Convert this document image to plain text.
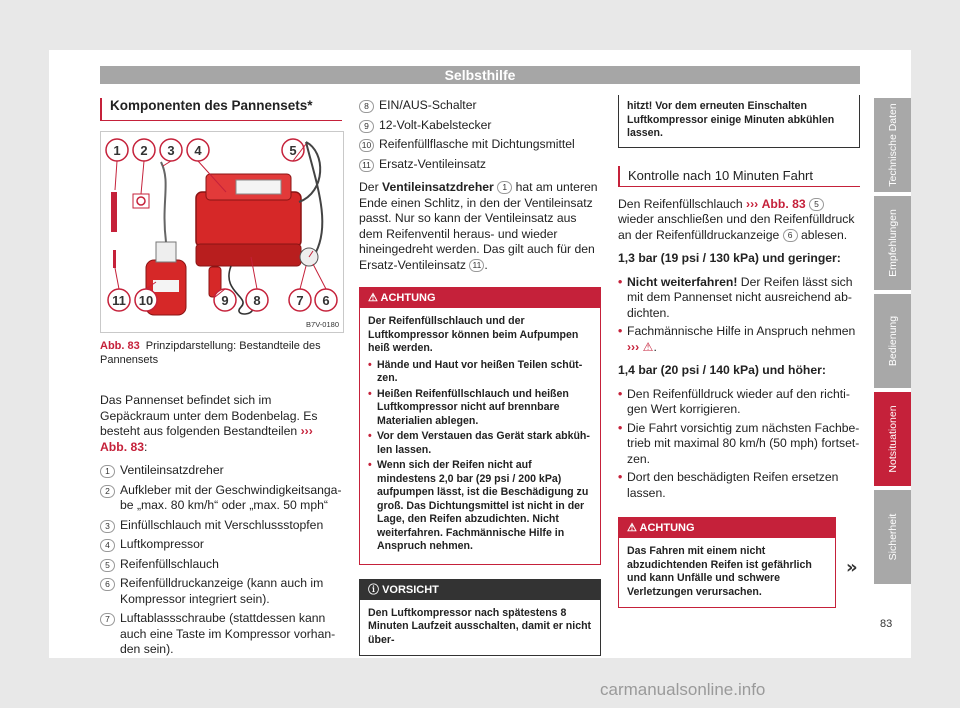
Selbsthilfe
Komponenten des Pannensets*
1 2 3 4	5
11 10	9 8	7 6
B7V-0180
Abb. 83 Prinzipdarstellung: Bestandteile des Pannensets

Das Pannenset befindet sich im Gepäckraum unter dem Bodenbelag. Es besteht aus folgenden Bestandteilen ››› Abb. 83:

1 Ventileinsatzdreher
2 Aufkleber mit der Geschwindigkeitsangabe „max. 80 km/h“ oder „max. 50 mph“
3 Einfüllschlauch mit Verschlussstopfen
4 Luftkompressor
5 Reifenfüllschlauch
6 Reifenfülldruckanzeige (kann auch im Kompressor integriert sein).
7 Luftablassschraube (stattdessen kann auch eine Taste im Kompressor vorhanden sein).
8 EIN/AUS-Schalter
9 12-Volt-Kabelstecker
10 Reifenfüllflasche mit Dichtungsmittel
11 Ersatz-Ventileinsatz

Der Ventileinsatzdreher 1 hat am unteren Ende einen Schlitz, in den der Ventileinsatz passt. Nur so kann der Ventileinsatz aus dem Reifenventil heraus- und wieder hineingedreht werden. Das gilt auch für den Ersatz-Ventileinsatz 11 .

⚠ ACHTUNG
Der Reifenfüllschlauch und der Luftkompressor können beim Aufpumpen heiß werden.
• Hände und Haut vor heißen Teilen schützen.
• Heißen Reifenfüllschlauch und heißen Luftkompressor nicht auf brennbare Materialien ablegen.
• Vor dem Verstauen das Gerät stark abkühlen lassen.
• Wenn sich der Reifen nicht auf mindestens 2,0 bar (29 psi / 200 kPa) aufpumpen lässt, ist die Beschädigung zu groß. Das Dichtungsmittel ist nicht in der Lage, den Reifen abzudichten. Nicht weiterfahren. Fachmännische Hilfe in Anspruch nehmen.
ⓘ VORSICHT
Den Luftkompressor nach spätestens 8 Minuten Laufzeit ausschalten, damit er nicht über-
hitzt! Vor dem erneuten Einschalten Luftkompressor einige Minuten abkühlen lassen.
Kontrolle nach 10 Minuten Fahrt

Den Reifenfüllschlauch ››› Abb. 83 5 wieder anschließen und den Reifenfülldruck an der Reifenfülldruckanzeige 6 ablesen.

1,3 bar (19 psi / 130 kPa) und geringer:

• Nicht weiterfahren! Der Reifen lässt sich mit dem Pannenset nicht ausreichend abdichten.
• Fachmännische Hilfe in Anspruch nehmen ››› ⚠.

1,4 bar (20 psi / 140 kPa) und höher:

• Den Reifenfülldruck wieder auf den richtigen Wert korrigieren.
• Die Fahrt vorsichtig zum nächsten Fachbetrieb mit maximal 80 km/h (50 mph) fortsetzen.
• Dort den beschädigten Reifen ersetzen lassen.
⚠ ACHTUNG
Das Fahren mit einem nicht abzudichtenden Reifen ist gefährlich und kann Unfälle und schwere Verletzungen verursachen.
»
Technische Daten
Empfehlungen
Bedienung
Notsituationen
Sicherheit
83
carmanualsonline.info
